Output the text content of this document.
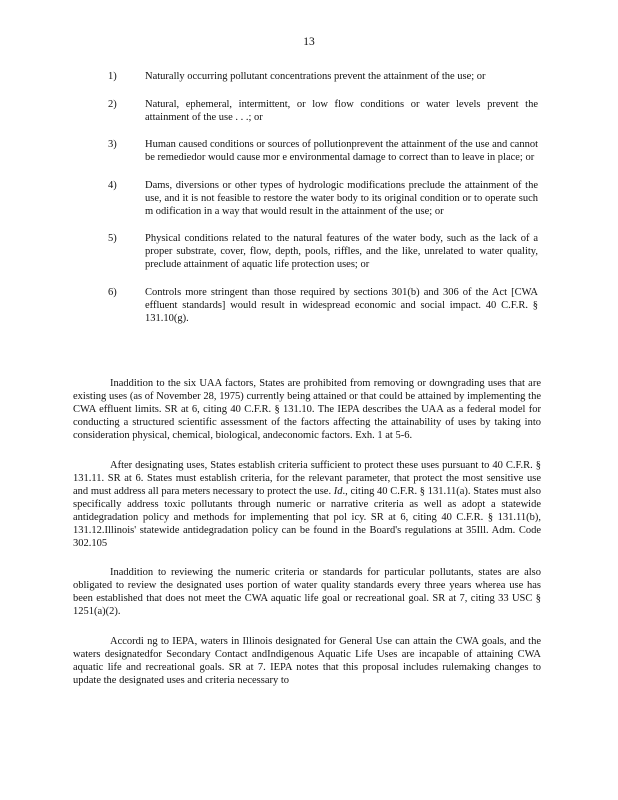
13
1)	Naturally occurring pollutant concentrations prevent the attainment of the use; or
2)	Natural, ephemeral, intermittent, or low flow conditions or water levels prevent the attainment of the use . . .; or
3)	Human caused conditions or sources of pollutionprevent the attainment of the use and cannot be remediedor would cause mor e environmental damage to correct than to leave in place; or
4)	Dams, diversions or other types of hydrologic modifications preclude the attainment of the use, and it is not feasible to restore the water body to its original condition or to operate such m odification in a way that would result in the attainment of the use; or
5)	Physical conditions related to the natural features of the water body, such as the lack of a proper substrate, cover, flow, depth, pools, riffles, and the like, unrelated to water quality, preclude attainment of aquatic life protection uses; or
6)	Controls more stringent than those required by sections 301(b) and 306 of the Act [CWA effluent standards] would result in widespread economic and social impact. 40 C.F.R. § 131.10(g).

Inaddition to the six UAA factors, States are prohibited from removing or downgrading uses that are existing uses (as of November 28, 1975) currently being attained or that could be attained by implementing the CWA effluent limits. SR at 6, citing 40 C.F.R. § 131.10. The IEPA describes the UAA as a federal model for conducting a structured scientific assessment of the factors affecting the attainability of uses by taking into consideration physical, chemical, biological, andeconomic factors. Exh. 1 at 5-6.

After designating uses, States establish criteria sufficient to protect these uses pursuant to 40 C.F.R. § 131.11. SR at 6. States must establish criteria, for the relevant parameter, that protect the most sensitive use and must address all para meters necessary to protect the use. Id., citing 40 C.F.R. § 131.11(a). States must also specifically address toxic pollutants through numeric or narrative criteria as well as adopt a statewide antidegradation policy and methods for implementing that pol icy. SR at 6, citing 40 C.F.R. § 131.11(b), 131.12.Illinois' statewide antidegradation policy can be found in the Board's regulations at 35Ill. Adm. Code 302.105

Inaddition to reviewing the numeric criteria or standards for particular pollutants, states are also obligated to review the designated uses portion of water quality standards every three years wherea use has been established that does not meet the CWA aquatic life goal or recreational goal. SR at 7, citing 33 USC § 1251(a)(2).

Accordi ng to IEPA, waters in Illinois designated for General Use can attain the CWA goals, and the waters designatedfor Secondary Contact andIndigenous Aquatic Life Uses are incapable of attaining CWA aquatic life and recreational goals. SR at 7. IEPA notes that this proposal includes rulemaking changes to update the designated uses and criteria necessary to
